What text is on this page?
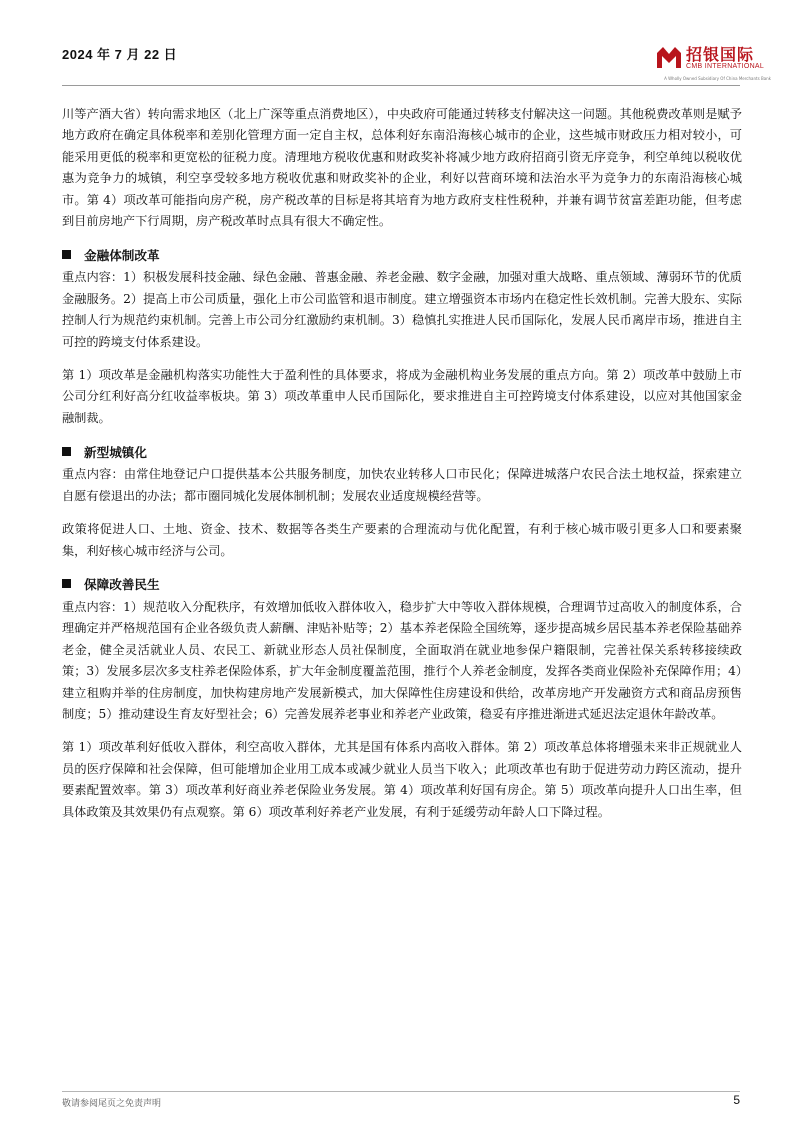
2024 年 7 月 22 日	招银国际
CMB INTERNATIONAL
A Wholly Owned Subsidiary Of China Merchants Bank

川等产酒大省）转向需求地区（北上广深等重点消费地区），中央政府可能通过转移支付解决这一问题。其他税费改革则是赋予地方政府在确定具体税率和差别化管理方面一定自主权，总体利好东南沿海核心城市的企业，这些城市财政压力相对较小，可能采用更低的税率和更宽松的征税力度。清理地方税收优惠和财政奖补将减少地方政府招商引资无序竞争，利空单纯以税收优惠为竞争力的城镇，利空享受较多地方税收优惠和财政奖补的企业，利好以营商环境和法治水平为竞争力的东南沿海核心城市。第 4）项改革可能指向房产税，房产税改革的目标是将其培育为地方政府支柱性税种，并兼有调节贫富差距功能，但考虑到目前房地产下行周期，房产税改革时点具有很大不确定性。

金融体制改革

重点内容：1）积极发展科技金融、绿色金融、普惠金融、养老金融、数字金融，加强对重大战略、重点领域、薄弱环节的优质金融服务。2）提高上市公司质量，强化上市公司监管和退市制度。建立增强资本市场内在稳定性长效机制。完善大股东、实际控制人行为规范约束机制。完善上市公司分红激励约束机制。3）稳慎扎实推进人民币国际化，发展人民币离岸市场，推进自主可控的跨境支付体系建设。

第 1）项改革是金融机构落实功能性大于盈利性的具体要求，将成为金融机构业务发展的重点方向。第 2）项改革中鼓励上市公司分红利好高分红收益率板块。第 3）项改革重申人民币国际化，要求推进自主可控跨境支付体系建设，以应对其他国家金融制裁。

新型城镇化

重点内容：由常住地登记户口提供基本公共服务制度，加快农业转移人口市民化；保障进城落户农民合法土地权益，探索建立自愿有偿退出的办法；都市圈同城化发展体制机制；发展农业适度规模经营等。

政策将促进人口、土地、资金、技术、数据等各类生产要素的合理流动与优化配置，有利于核心城市吸引更多人口和要素聚集，利好核心城市经济与公司。

保障改善民生

重点内容：1）规范收入分配秩序，有效增加低收入群体收入，稳步扩大中等收入群体规模，合理调节过高收入的制度体系，合理确定并严格规范国有企业各级负责人薪酬、津贴补贴等；2）基本养老保险全国统筹，逐步提高城乡居民基本养老保险基础养老金，健全灵活就业人员、农民工、新就业形态人员社保制度，全面取消在就业地参保户籍限制，完善社保关系转移接续政策；3）发展多层次多支柱养老保险体系，扩大年金制度覆盖范围，推行个人养老金制度，发挥各类商业保险补充保障作用；4）建立租购并举的住房制度，加快构建房地产发展新模式，加大保障性住房建设和供给，改革房地产开发融资方式和商品房预售制度；5）推动建设生育友好型社会；6）完善发展养老事业和养老产业政策，稳妥有序推进渐进式延迟法定退休年龄改革。

第 1）项改革利好低收入群体，利空高收入群体，尤其是国有体系内高收入群体。第 2）项改革总体将增强未来非正规就业人员的医疗保障和社会保障，但可能增加企业用工成本或减少就业人员当下收入；此项改革也有助于促进劳动力跨区流动，提升要素配置效率。第 3）项改革利好商业养老保险业务发展。第 4）项改革利好国有房企。第 5）项改革向提升人口出生率，但具体政策及其效果仍有点观察。第 6）项改革利好养老产业发展，有利于延缓劳动年龄人口下降过程。

敬请参阅尾页之免责声明	5
